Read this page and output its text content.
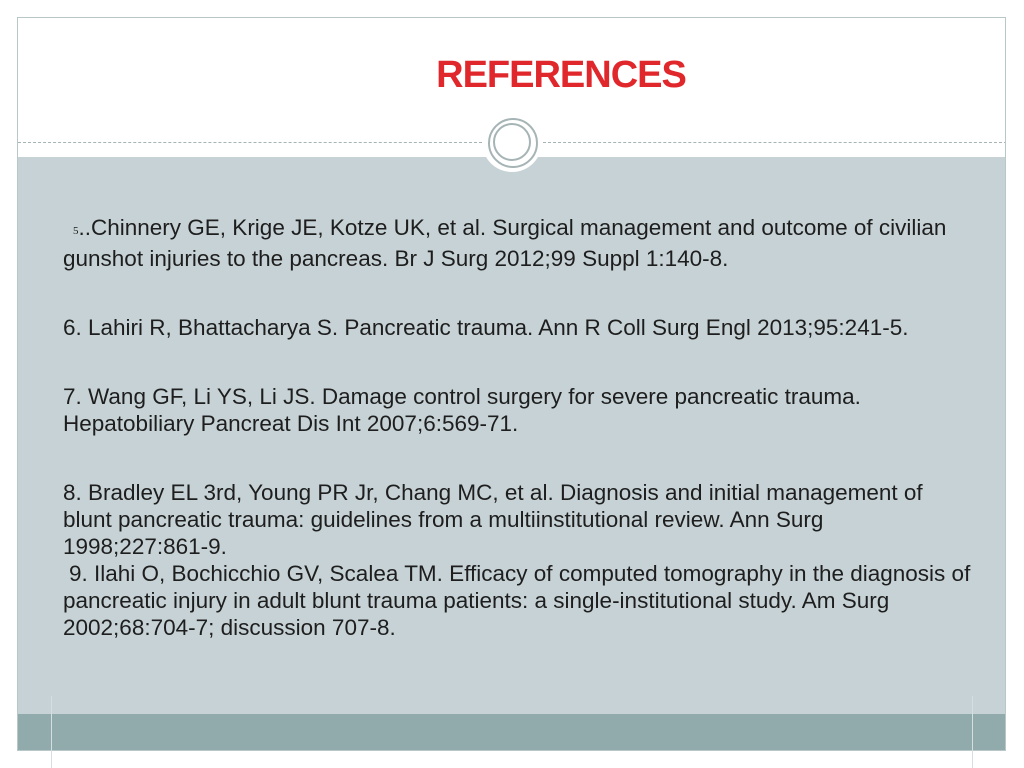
REFERENCES

5..Chinnery GE, Krige JE, Kotze UK, et al. Surgical management and outcome of civilian gunshot injuries to the pancreas. Br J Surg 2012;99 Suppl 1:140-8.

6. Lahiri R, Bhattacharya S. Pancreatic trauma. Ann R Coll Surg Engl 2013;95:241-5.

7. Wang GF, Li YS, Li JS. Damage control surgery for severe pancreatic trauma. Hepatobiliary Pancreat Dis Int 2007;6:569-71.

8. Bradley EL 3rd, Young PR Jr, Chang MC, et al. Diagnosis and initial management of blunt pancreatic trauma: guidelines from a multiinstitutional review. Ann Surg 1998;227:861-9.

9. Ilahi O, Bochicchio GV, Scalea TM. Efficacy of computed tomography in the diagnosis of pancreatic injury in adult blunt trauma patients: a single-institutional study. Am Surg 2002;68:704-7; discussion 707-8.
